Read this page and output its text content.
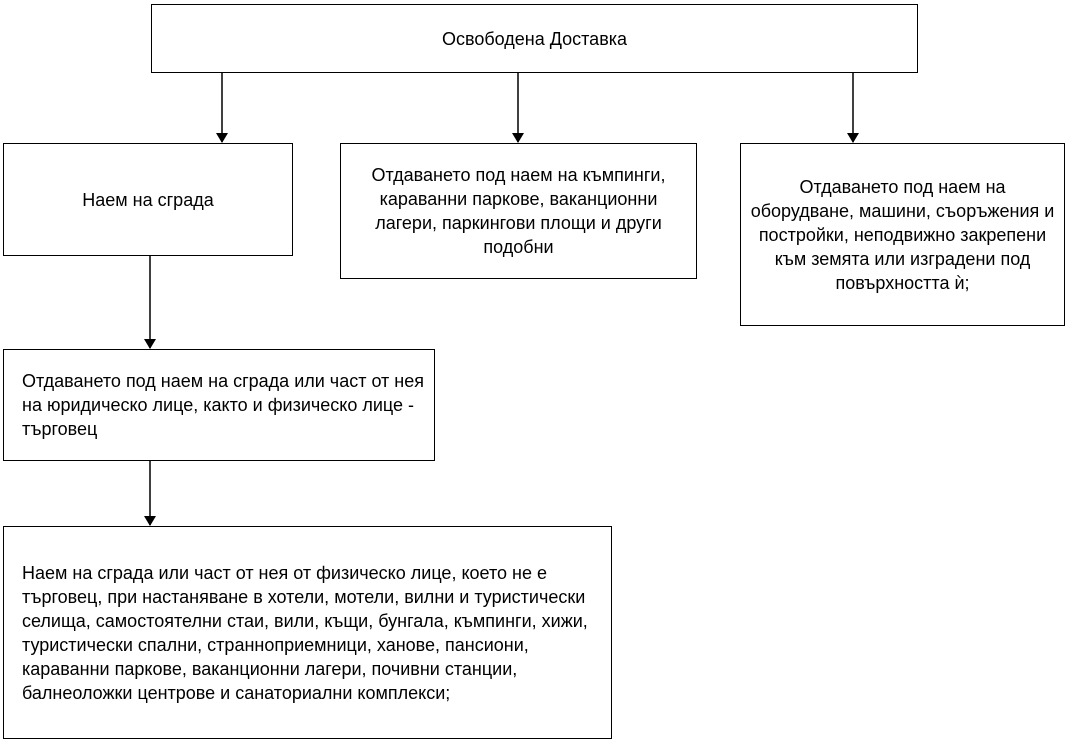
Освободена Доставка
Наем на сграда
Отдаването под наем на къмпинги, караванни паркове, ваканционни лагери, паркингови площи и други подобни
Отдаването под наем на оборудване, машини, съоръжения и постройки, неподвижно закрепени към земята или изградени под повърхността ѝ;
Отдаването под наем на сграда или част от нея на юридическо лице, както и физическо лице - търговец
Наем на сграда или част от нея от физическо лице, което не е търговец, при настаняване в хотели, мотели, вилни и туристически селища, самостоятелни стаи, вили, къщи, бунгала, къмпинги, хижи, туристически спални, странноприемници, ханове, пансиони, караванни паркове, ваканционни лагери, почивни станции, балнеоложки центрове и санаториални комплекси;
